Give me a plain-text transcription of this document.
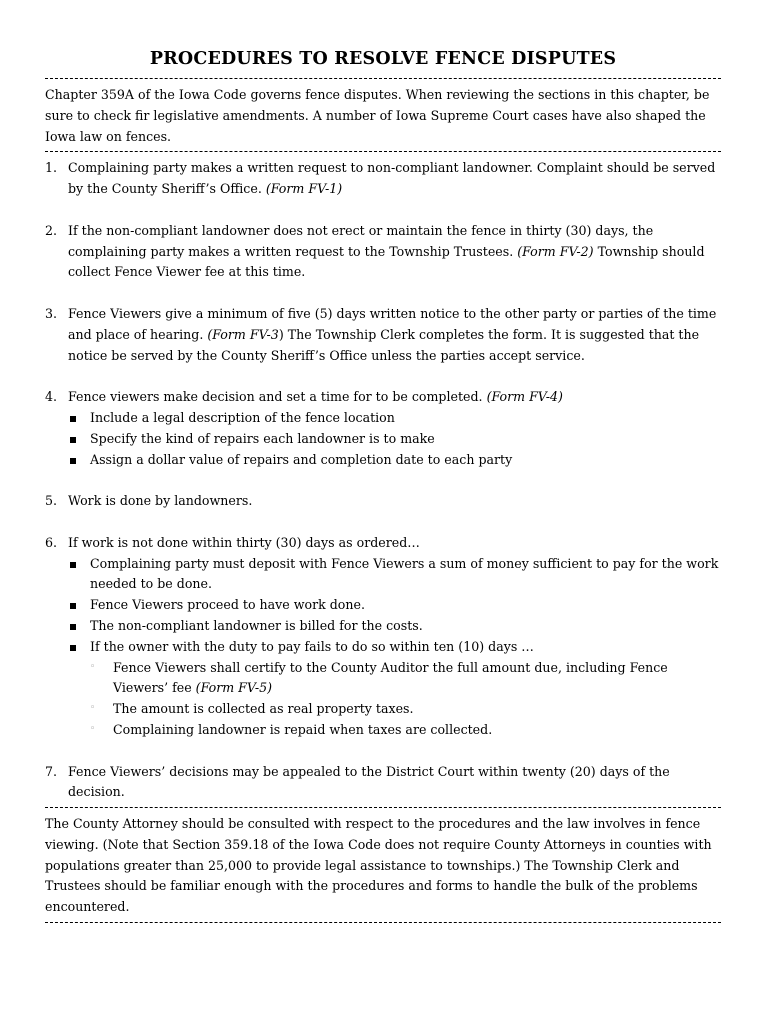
PROCEDURES TO RESOLVE FENCE DISPUTES

Chapter 359A of the Iowa Code governs fence disputes. When reviewing the sections in this chapter, be sure to check fir legislative amendments. A number of Iowa Supreme Court cases have also shaped the Iowa law on fences.

1. Complaining party makes a written request to non-compliant landowner. Complaint should be served by the County Sheriff’s Office. (Form FV-1)
2. If the non-compliant landowner does not erect or maintain the fence in thirty (30) days, the complaining party makes a written request to the Township Trustees. (Form FV-2) Township should collect Fence Viewer fee at this time.
3. Fence Viewers give a minimum of five (5) days written notice to the other party or parties of the time and place of hearing. (Form FV-3) The Township Clerk completes the form. It is suggested that the notice be served by the County Sheriff’s Office unless the parties accept service.
4. Fence viewers make decision and set a time for to be completed. (Form FV-4)
Include a legal description of the fence location
Specify the kind of repairs each landowner is to make
Assign a dollar value of repairs and completion date to each party
5. Work is done by landowners.
6. If work is not done within thirty (30) days as ordered…
Complaining party must deposit with Fence Viewers a sum of money sufficient to pay for the work needed to be done.
Fence Viewers proceed to have work done.
The non-compliant landowner is billed for the costs.
If the owner with the duty to pay fails to do so within ten (10) days …
◦ Fence Viewers shall certify to the County Auditor the full amount due, including Fence Viewers’ fee (Form FV-5)
◦ The amount is collected as real property taxes.
◦ Complaining landowner is repaid when taxes are collected.
7. Fence Viewers’ decisions may be appealed to the District Court within twenty (20) days of the decision.

The County Attorney should be consulted with respect to the procedures and the law involves in fence viewing. (Note that Section 359.18 of the Iowa Code does not require County Attorneys in counties with populations greater than 25,000 to provide legal assistance to townships.) The Township Clerk and Trustees should be familiar enough with the procedures and forms to handle the bulk of the problems encountered.
